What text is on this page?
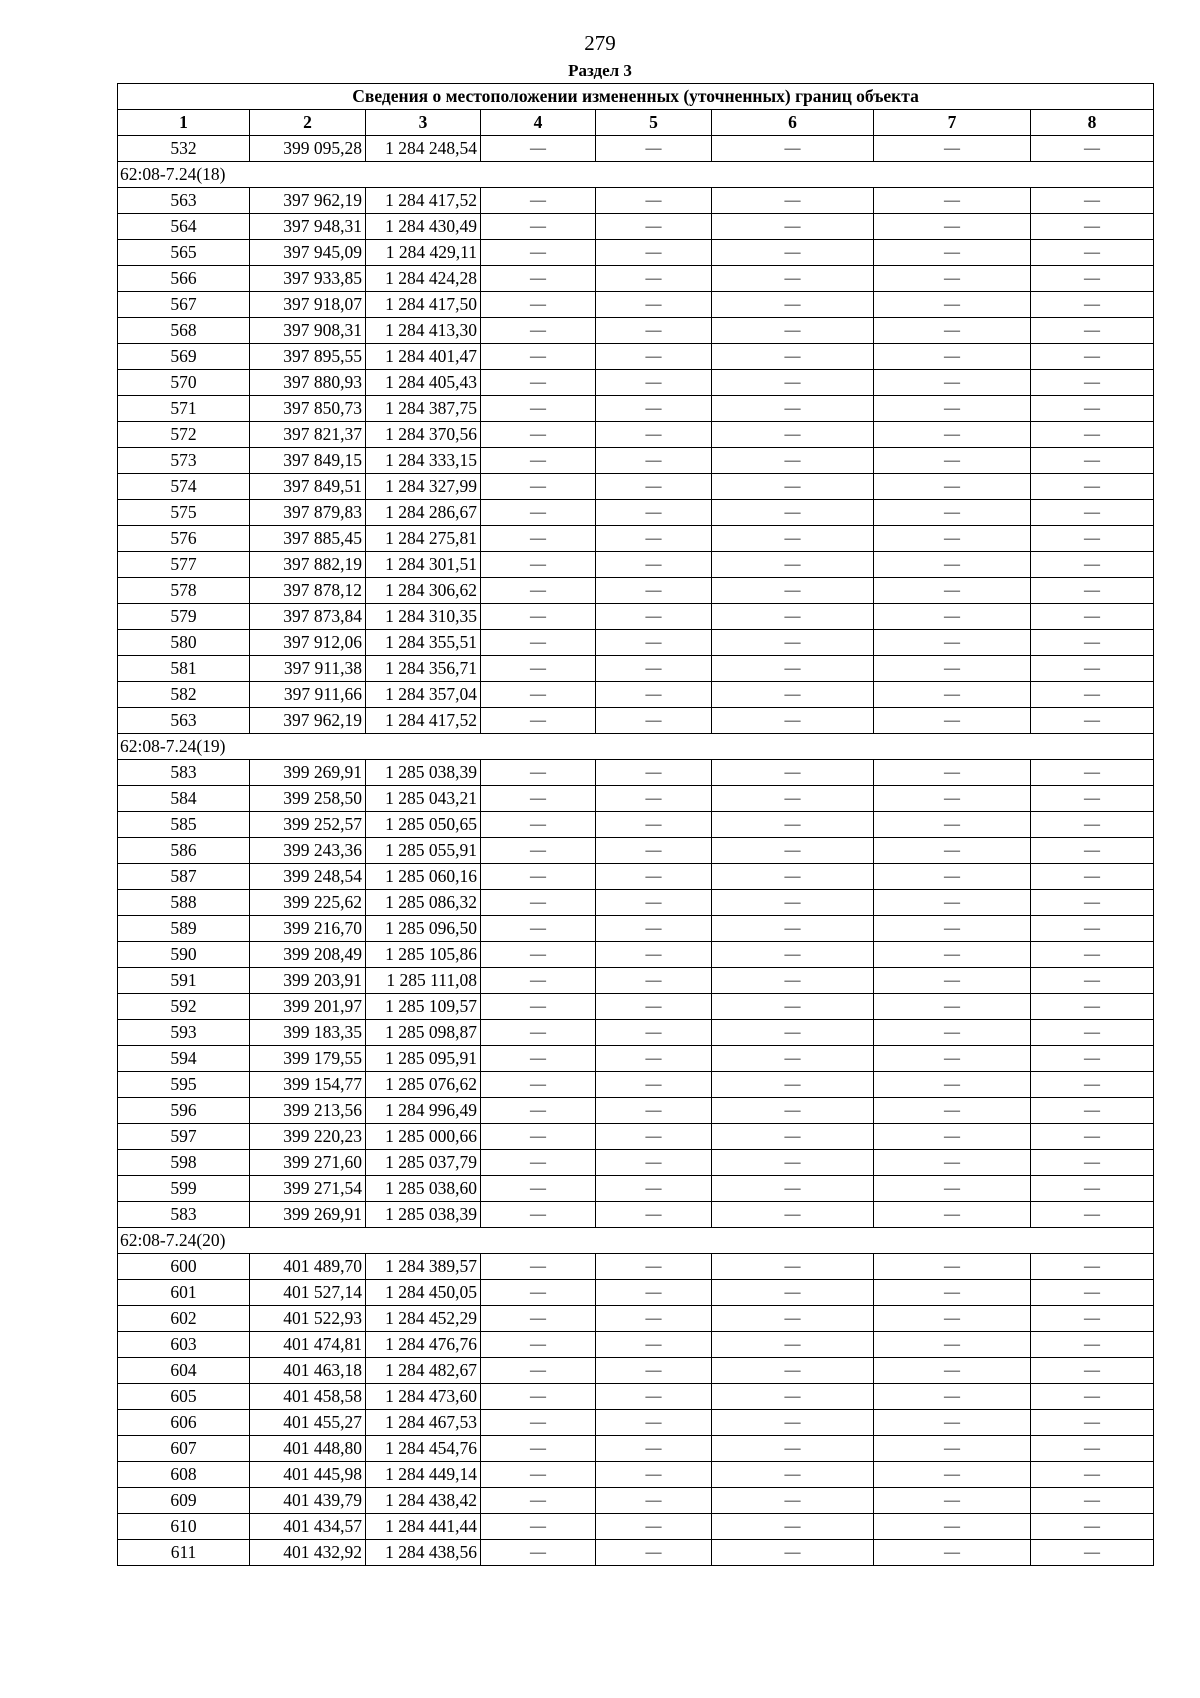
279
Раздел 3
Сведения о местоположении измененных (уточненных) границ объекта							
1	2	3	4	5	6	7	8
532	399 095,28	1 284 248,54	—	—	—	—	—
62:08-7.24(18)							
563	397 962,19	1 284 417,52	—	—	—	—	—
564	397 948,31	1 284 430,49	—	—	—	—	—
565	397 945,09	1 284 429,11	—	—	—	—	—
566	397 933,85	1 284 424,28	—	—	—	—	—
567	397 918,07	1 284 417,50	—	—	—	—	—
568	397 908,31	1 284 413,30	—	—	—	—	—
569	397 895,55	1 284 401,47	—	—	—	—	—
570	397 880,93	1 284 405,43	—	—	—	—	—
571	397 850,73	1 284 387,75	—	—	—	—	—
572	397 821,37	1 284 370,56	—	—	—	—	—
573	397 849,15	1 284 333,15	—	—	—	—	—
574	397 849,51	1 284 327,99	—	—	—	—	—
575	397 879,83	1 284 286,67	—	—	—	—	—
576	397 885,45	1 284 275,81	—	—	—	—	—
577	397 882,19	1 284 301,51	—	—	—	—	—
578	397 878,12	1 284 306,62	—	—	—	—	—
579	397 873,84	1 284 310,35	—	—	—	—	—
580	397 912,06	1 284 355,51	—	—	—	—	—
581	397 911,38	1 284 356,71	—	—	—	—	—
582	397 911,66	1 284 357,04	—	—	—	—	—
563	397 962,19	1 284 417,52	—	—	—	—	—
62:08-7.24(19)							
583	399 269,91	1 285 038,39	—	—	—	—	—
584	399 258,50	1 285 043,21	—	—	—	—	—
585	399 252,57	1 285 050,65	—	—	—	—	—
586	399 243,36	1 285 055,91	—	—	—	—	—
587	399 248,54	1 285 060,16	—	—	—	—	—
588	399 225,62	1 285 086,32	—	—	—	—	—
589	399 216,70	1 285 096,50	—	—	—	—	—
590	399 208,49	1 285 105,86	—	—	—	—	—
591	399 203,91	1 285 111,08	—	—	—	—	—
592	399 201,97	1 285 109,57	—	—	—	—	—
593	399 183,35	1 285 098,87	—	—	—	—	—
594	399 179,55	1 285 095,91	—	—	—	—	—
595	399 154,77	1 285 076,62	—	—	—	—	—
596	399 213,56	1 284 996,49	—	—	—	—	—
597	399 220,23	1 285 000,66	—	—	—	—	—
598	399 271,60	1 285 037,79	—	—	—	—	—
599	399 271,54	1 285 038,60	—	—	—	—	—
583	399 269,91	1 285 038,39	—	—	—	—	—
62:08-7.24(20)							
600	401 489,70	1 284 389,57	—	—	—	—	—
601	401 527,14	1 284 450,05	—	—	—	—	—
602	401 522,93	1 284 452,29	—	—	—	—	—
603	401 474,81	1 284 476,76	—	—	—	—	—
604	401 463,18	1 284 482,67	—	—	—	—	—
605	401 458,58	1 284 473,60	—	—	—	—	—
606	401 455,27	1 284 467,53	—	—	—	—	—
607	401 448,80	1 284 454,76	—	—	—	—	—
608	401 445,98	1 284 449,14	—	—	—	—	—
609	401 439,79	1 284 438,42	—	—	—	—	—
610	401 434,57	1 284 441,44	—	—	—	—	—
611	401 432,92	1 284 438,56	—	—	—	—	—
